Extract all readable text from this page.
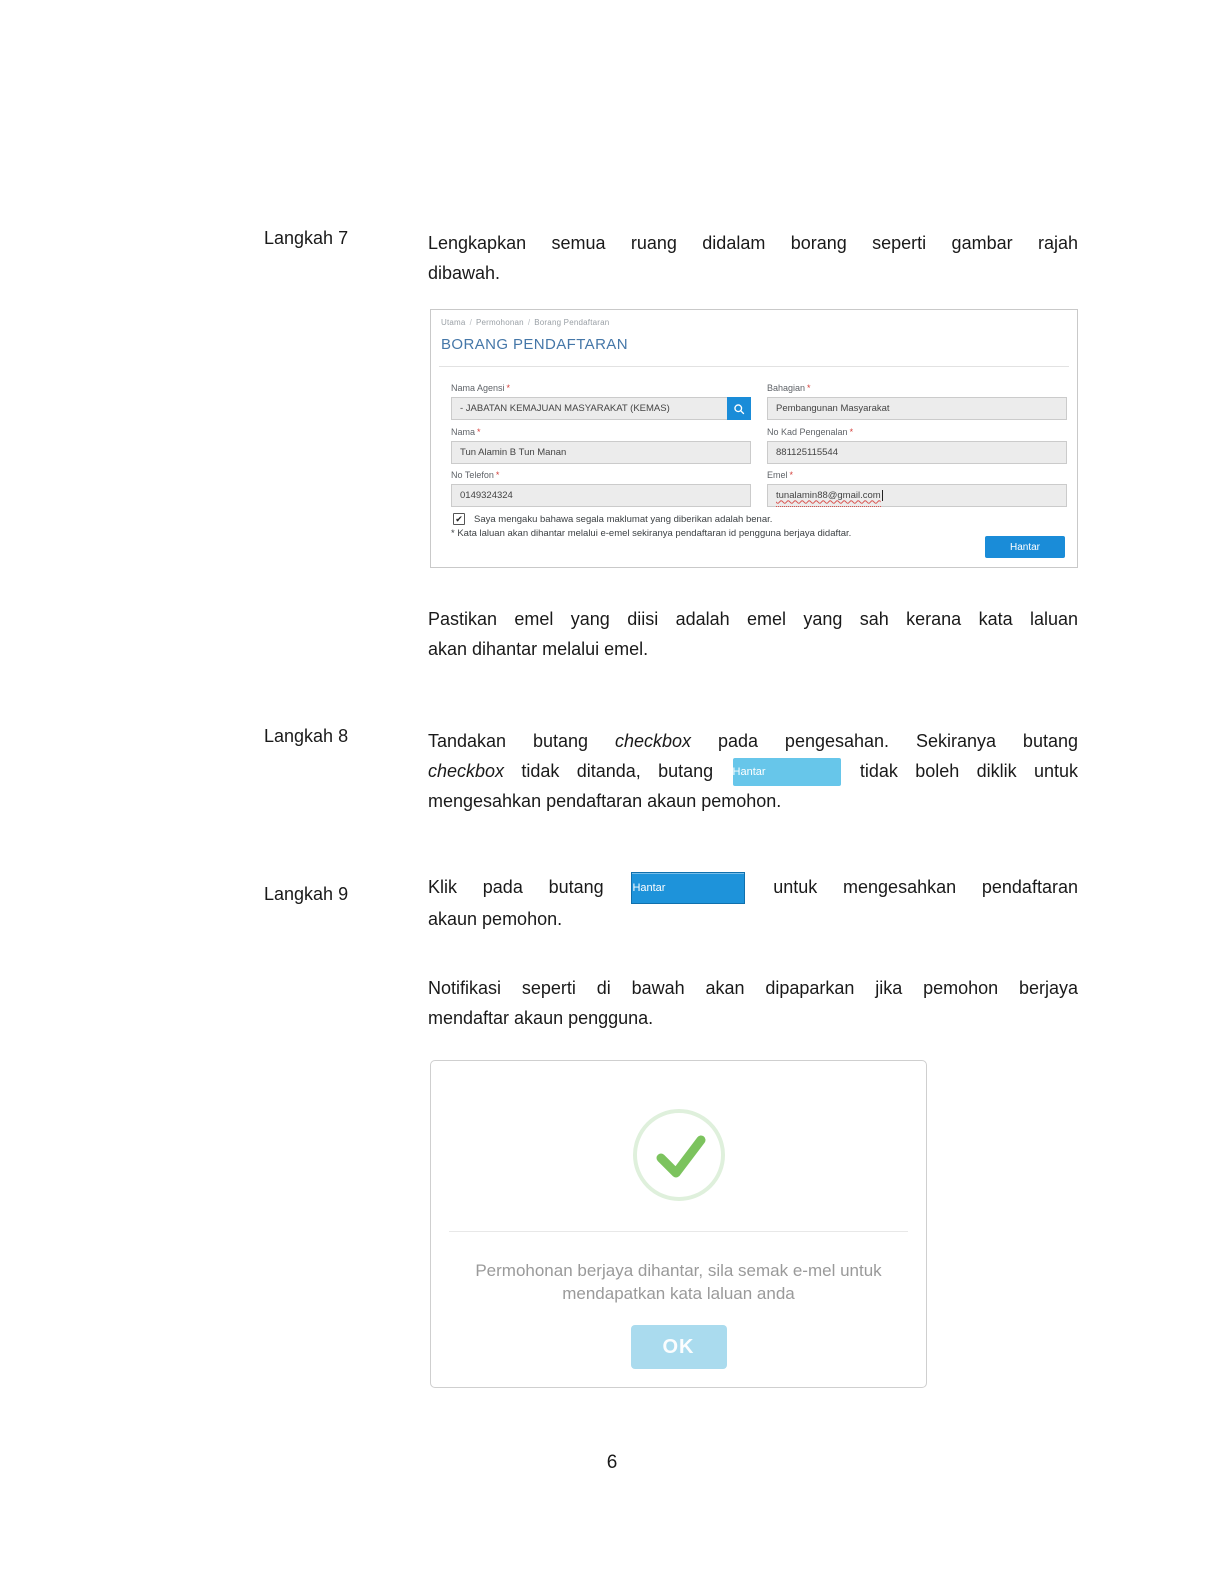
Langkah 7	Lengkapkan semua ruang didalam borang seperti gambar rajah
dibawah.
Utama / Permohonan / Borang Pendaftaran
BORANG PENDAFTARAN
Nama Agensi *
- JABATAN KEMAJUAN MASYARAKAT (KEMAS)
Bahagian *
Pembangunan Masyarakat
Nama *
Tun Alamin B Tun Manan
No Kad Pengenalan *
881125115544
No Telefon *
0149324324
Emel *
tunalamin88@gmail.com
✔ Saya mengaku bahawa segala maklumat yang diberikan adalah benar.
* Kata laluan akan dihantar melalui e-emel sekiranya pendaftaran id pengguna berjaya didaftar.
Hantar
Pastikan emel yang diisi adalah emel yang sah kerana kata laluan
akan dihantar melalui emel.
Langkah 8	Tandakan butang checkbox pada pengesahan. Sekiranya butang
checkbox tidak ditanda, butang Hantar	tidak boleh diklik untuk
mengesahkan pendaftaran akaun pemohon.
Langkah 9	Klik pada butang	Hantar	untuk mengesahkan pendaftaran
akaun pemohon.
Notifikasi seperti di bawah akan dipaparkan jika pemohon berjaya
mendaftar akaun pengguna.
Permohonan berjaya dihantar, sila semak e-mel untuk
mendapatkan kata laluan anda
OK
6
